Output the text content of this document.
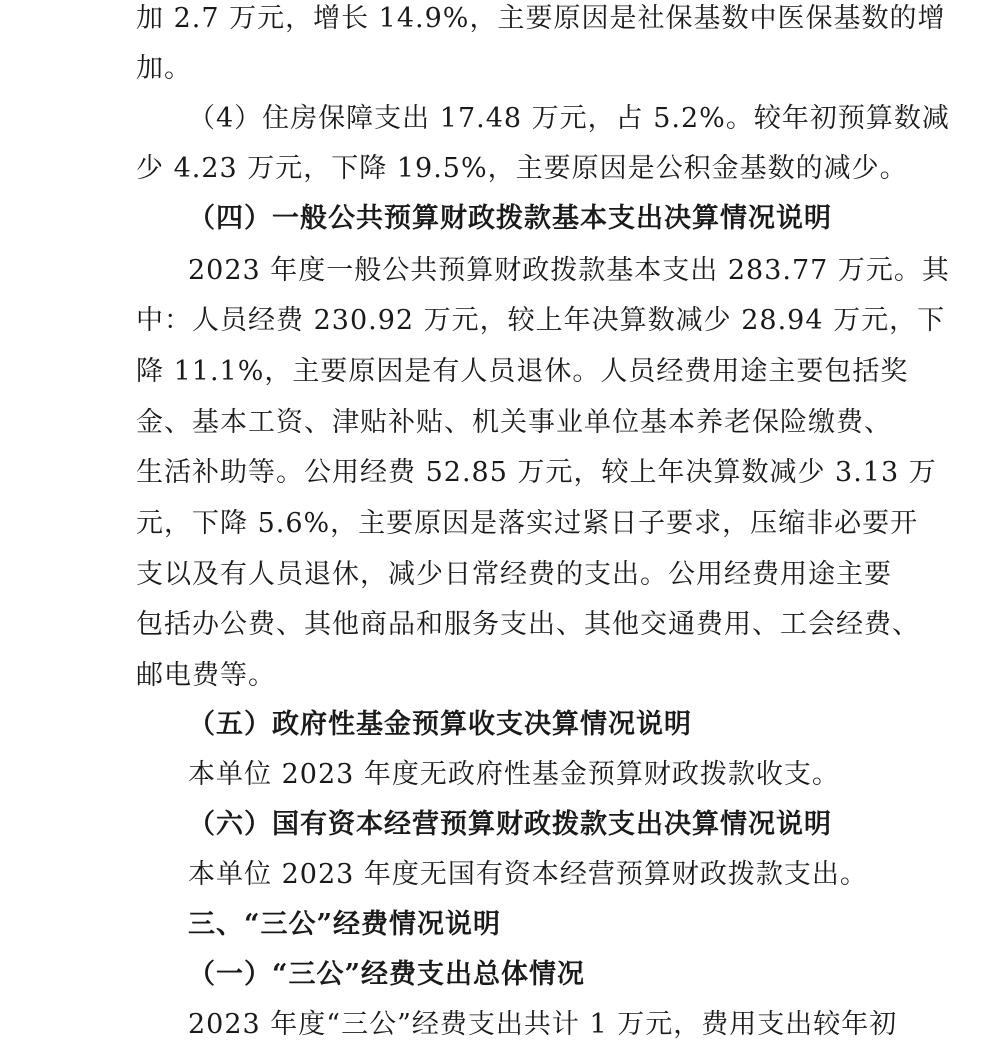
加 2.7 万元，增长 14.9%，主要原因是社保基数中医保基数的增
加。
（4）住房保障支出 17.48 万元，占 5.2%。较年初预算数减
少 4.23 万元，下降 19.5%，主要原因是公积金基数的减少。
（四）一般公共预算财政拨款基本支出决算情况说明
2023 年度一般公共预算财政拨款基本支出 283.77 万元。其
中：人员经费 230.92 万元，较上年决算数减少 28.94 万元，下
降 11.1%，主要原因是有人员退休。人员经费用途主要包括奖
金、基本工资、津贴补贴、机关事业单位基本养老保险缴费、
生活补助等。公用经费 52.85 万元，较上年决算数减少 3.13 万
元，下降 5.6%，主要原因是落实过紧日子要求，压缩非必要开
支以及有人员退休，减少日常经费的支出。公用经费用途主要
包括办公费、其他商品和服务支出、其他交通费用、工会经费、
邮电费等。
（五）政府性基金预算收支决算情况说明
本单位 2023 年度无政府性基金预算财政拨款收支。
（六）国有资本经营预算财政拨款支出决算情况说明
本单位 2023 年度无国有资本经营预算财政拨款支出。
三、“三公”经费情况说明
（一）“三公”经费支出总体情况
2023 年度“三公”经费支出共计 1 万元，费用支出较年初
